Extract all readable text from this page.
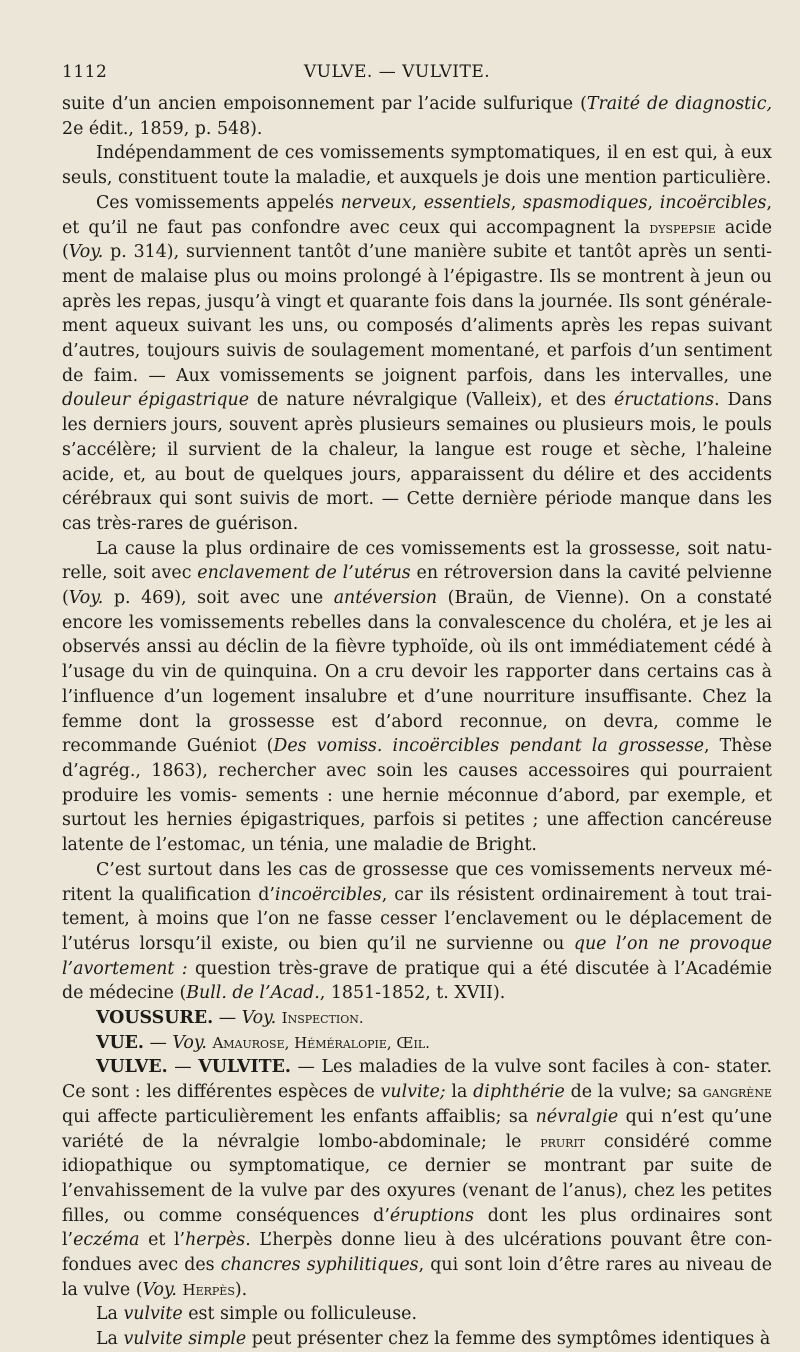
1112	VULVE. — VULVITE.

suite d’un ancien empoisonnement par l’acide sulfurique (Traité de diagnostic, 2e édit., 1859, p. 548).

Indépendamment de ces vomissements symptomatiques, il en est qui, à eux seuls, constituent toute la maladie, et auxquels je dois une mention particulière.

Ces vomissements appelés nerveux, essentiels, spasmodiques, incoërcibles, et qu’il ne faut pas confondre avec ceux qui accompagnent la dyspepsie acide (Voy. p. 314), surviennent tantôt d’une manière subite et tantôt après un senti- ment de malaise plus ou moins prolongé à l’épigastre. Ils se montrent à jeun ou après les repas, jusqu’à vingt et quarante fois dans la journée. Ils sont générale- ment aqueux suivant les uns, ou composés d’aliments après les repas suivant d’autres, toujours suivis de soulagement momentané, et parfois d’un sentiment de faim. — Aux vomissements se joignent parfois, dans les intervalles, une douleur épigastrique de nature névralgique (Valleix), et des éructations. Dans les derniers jours, souvent après plusieurs semaines ou plusieurs mois, le pouls s’accélère; il survient de la chaleur, la langue est rouge et sèche, l’haleine acide, et, au bout de quelques jours, apparaissent du délire et des accidents cérébraux qui sont suivis de mort. — Cette dernière période manque dans les cas très-rares de guérison.

La cause la plus ordinaire de ces vomissements est la grossesse, soit natu- relle, soit avec enclavement de l’utérus en rétroversion dans la cavité pelvienne (Voy. p. 469), soit avec une antéversion (Braün, de Vienne). On a constaté encore les vomissements rebelles dans la convalescence du choléra, et je les ai observés anssi au déclin de la fièvre typhoïde, où ils ont immédiatement cédé à l’usage du vin de quinquina. On a cru devoir les rapporter dans certains cas à l’influence d’un logement insalubre et d’une nourriture insuffisante. Chez la femme dont la grossesse est d’abord reconnue, on devra, comme le recommande Guéniot (Des vomiss. incoërcibles pendant la grossesse, Thèse d’agrég., 1863), rechercher avec soin les causes accessoires qui pourraient produire les vomis- sements : une hernie méconnue d’abord, par exemple, et surtout les hernies épigastriques, parfois si petites ; une affection cancéreuse latente de l’estomac, un ténia, une maladie de Bright.

C’est surtout dans les cas de grossesse que ces vomissements nerveux mé- ritent la qualification d’incoërcibles, car ils résistent ordinairement à tout trai- tement, à moins que l’on ne fasse cesser l’enclavement ou le déplacement de l’utérus lorsqu’il existe, ou bien qu’il ne survienne ou que l’on ne provoque l’avortement : question très-grave de pratique qui a été discutée à l’Académie de médecine (Bull. de l’Acad., 1851-1852, t. XVII).

VOUSSURE. — Voy. Inspection.

VUE. — Voy. Amaurose, Héméralopie, Œil.

VULVE. — VULVITE. — Les maladies de la vulve sont faciles à con- stater. Ce sont : les différentes espèces de vulvite; la diphthérie de la vulve; sa gangrène qui affecte particulièrement les enfants affaiblis; sa névralgie qui n’est qu’une variété de la névralgie lombo-abdominale; le prurit considéré comme idiopathique ou symptomatique, ce dernier se montrant par suite de l’envahissement de la vulve par des oxyures (venant de l’anus), chez les petites filles, ou comme conséquences d’éruptions dont les plus ordinaires sont l’eczéma et l’herpès. L’herpès donne lieu à des ulcérations pouvant être con- fondues avec des chancres syphilitiques, qui sont loin d’être rares au niveau de la vulve (Voy. Herpès).

La vulvite est simple ou folliculeuse.

La vulvite simple peut présenter chez la femme des symptômes identiques à
